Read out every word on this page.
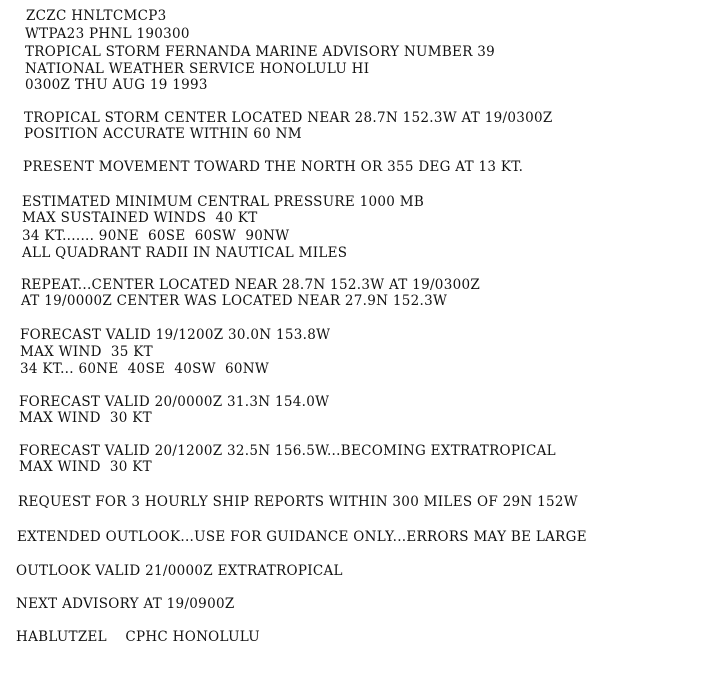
ZCZC HNLTCMCP3
WTPA23 PHNL 190300
TROPICAL STORM FERNANDA MARINE ADVISORY NUMBER 39
NATIONAL WEATHER SERVICE HONOLULU HI
0300Z THU AUG 19 1993
TROPICAL STORM CENTER LOCATED NEAR 28.7N 152.3W AT 19/0300Z
POSITION ACCURATE WITHIN 60 NM
PRESENT MOVEMENT TOWARD THE NORTH OR 355 DEG AT 13 KT.
ESTIMATED MINIMUM CENTRAL PRESSURE 1000 MB
MAX SUSTAINED WINDS  40 KT
34 KT....... 90NE  60SE  60SW  90NW
ALL QUADRANT RADII IN NAUTICAL MILES
REPEAT...CENTER LOCATED NEAR 28.7N 152.3W AT 19/0300Z
AT 19/0000Z CENTER WAS LOCATED NEAR 27.9N 152.3W
FORECAST VALID 19/1200Z 30.0N 153.8W
MAX WIND  35 KT
34 KT... 60NE  40SE  40SW  60NW
FORECAST VALID 20/0000Z 31.3N 154.0W
MAX WIND  30 KT
FORECAST VALID 20/1200Z 32.5N 156.5W...BECOMING EXTRATROPICAL
MAX WIND  30 KT
REQUEST FOR 3 HOURLY SHIP REPORTS WITHIN 300 MILES OF 29N 152W
EXTENDED OUTLOOK...USE FOR GUIDANCE ONLY...ERRORS MAY BE LARGE
OUTLOOK VALID 21/0000Z EXTRATROPICAL
NEXT ADVISORY AT 19/0900Z
HABLUTZEL    CPHC HONOLULU
